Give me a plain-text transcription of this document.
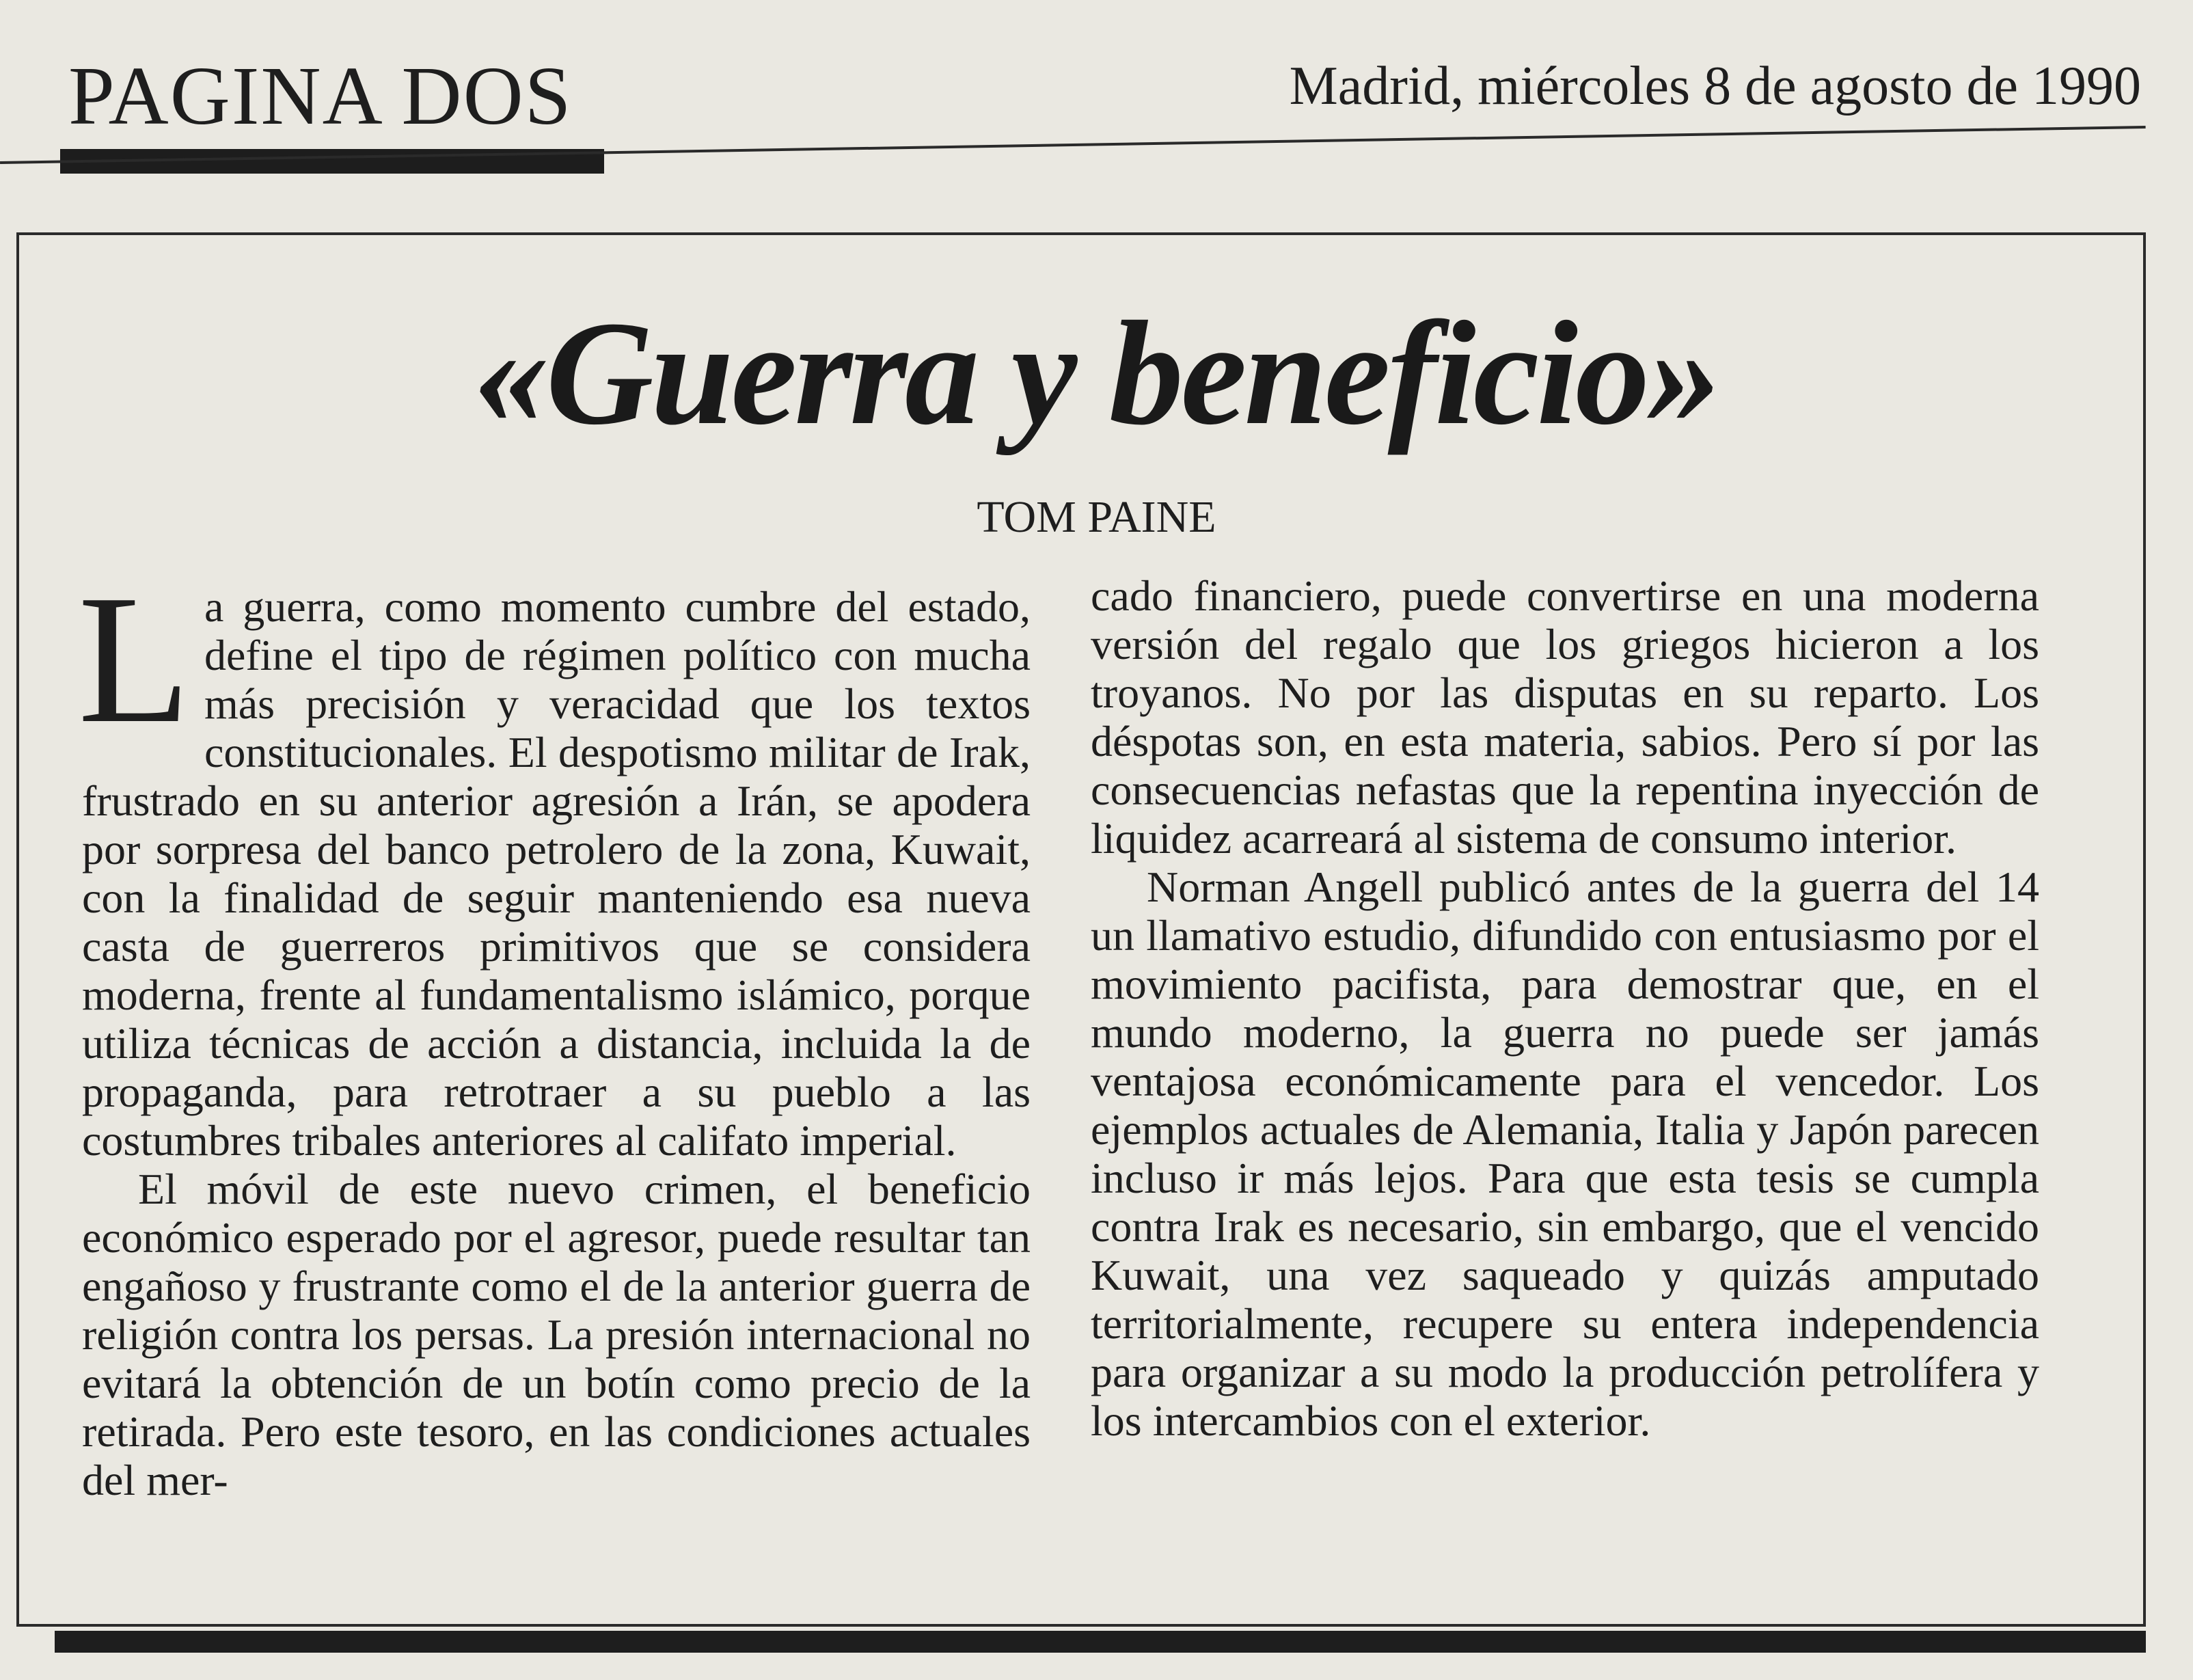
PAGINA DOS	Madrid, miércoles 8 de agosto de 1990
«Guerra y beneficio»
TOM PAINE

La guerra, como momento cumbre del estado, define el tipo de régimen político con mucha más precisión y veracidad que los textos constitucionales. El despotismo militar de Irak, frustrado en su anterior agresión a Irán, se apodera por sorpresa del banco petrolero de la zona, Kuwait, con la finalidad de seguir manteniendo esa nueva casta de guerreros primitivos que se considera moderna, frente al fundamentalismo islámico, porque utiliza técnicas de acción a distancia, incluida la de propaganda, para retrotraer a su pueblo a las costumbres tribales anteriores al califato imperial.

El móvil de este nuevo crimen, el beneficio económico esperado por el agresor, puede resultar tan engañoso y frustrante como el de la anterior guerra de religión contra los persas. La presión internacional no evitará la obtención de un botín como precio de la retirada. Pero este tesoro, en las condiciones actuales del mer-

cado financiero, puede convertirse en una moderna versión del regalo que los griegos hicieron a los troyanos. No por las disputas en su reparto. Los déspotas son, en esta materia, sabios. Pero sí por las consecuencias nefastas que la repentina inyección de liquidez acarreará al sistema de consumo interior.

Norman Angell publicó antes de la guerra del 14 un llamativo estudio, difundido con entusiasmo por el movimiento pacifista, para demostrar que, en el mundo moderno, la guerra no puede ser jamás ventajosa económicamente para el vencedor. Los ejemplos actuales de Alemania, Italia y Japón parecen incluso ir más lejos. Para que esta tesis se cumpla contra Irak es necesario, sin embargo, que el vencido Kuwait, una vez saqueado y quizás amputado territorialmente, recupere su entera independencia para organizar a su modo la producción petrolífera y los intercambios con el exterior.
